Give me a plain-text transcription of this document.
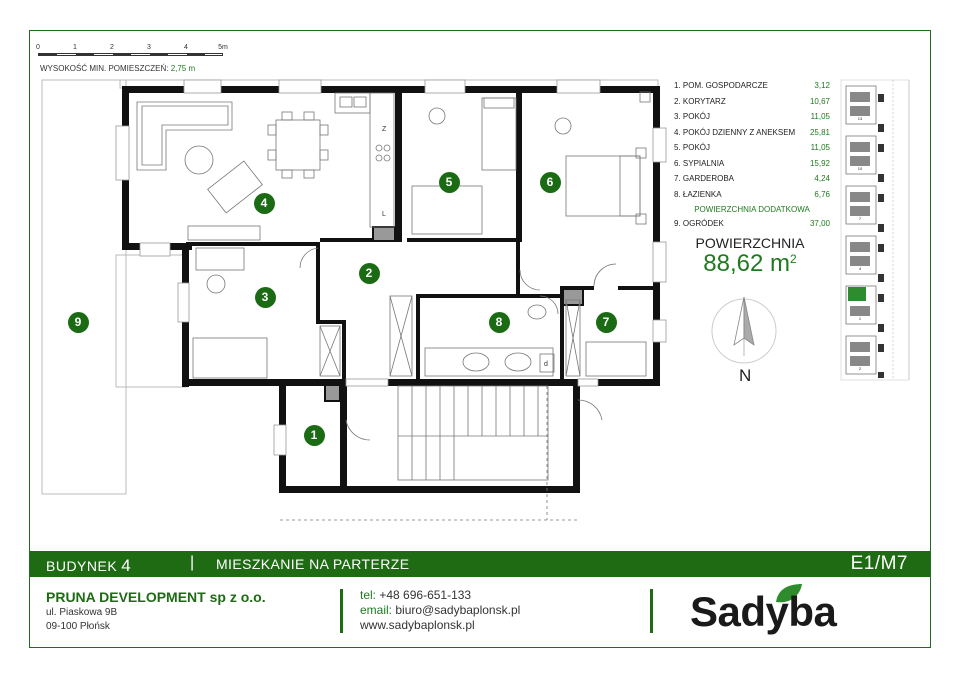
0	1	2	3	4	5m
WYSOKOŚĆ MIN. POMIESZCZEŃ: 2,75 m
Z
L
d
13
10
7
4
1
2
1
2
3
4
5	6
7
8
9
1. POM. GOSPODARCZE	3,12
2. KORYTARZ	10,67
3. POKÓJ	11,05
4. POKÓJ DZIENNY Z ANEKSEM 25,81
5. POKÓJ	11,05
6. SYPIALNIA	15,92
7. GARDEROBA	4,24
8. ŁAZIENKA	6,76
POWIERZCHNIA DODATKOWA
9. OGRÓDEK	37,00
POWIERZCHNIA
88,62 $m^2$
N
BUDYNEK 4	| MIESZKANIE NA PARTERZE	E1/M7
PRUNA DEVELOPMENT sp z o.o.
ul. Piaskowa 9B
09-100 Płońsk
tel: +48 696-651-133
email: biuro@sadybaplonsk.pl
www.sadybaplonsk.pl	Sadyba
